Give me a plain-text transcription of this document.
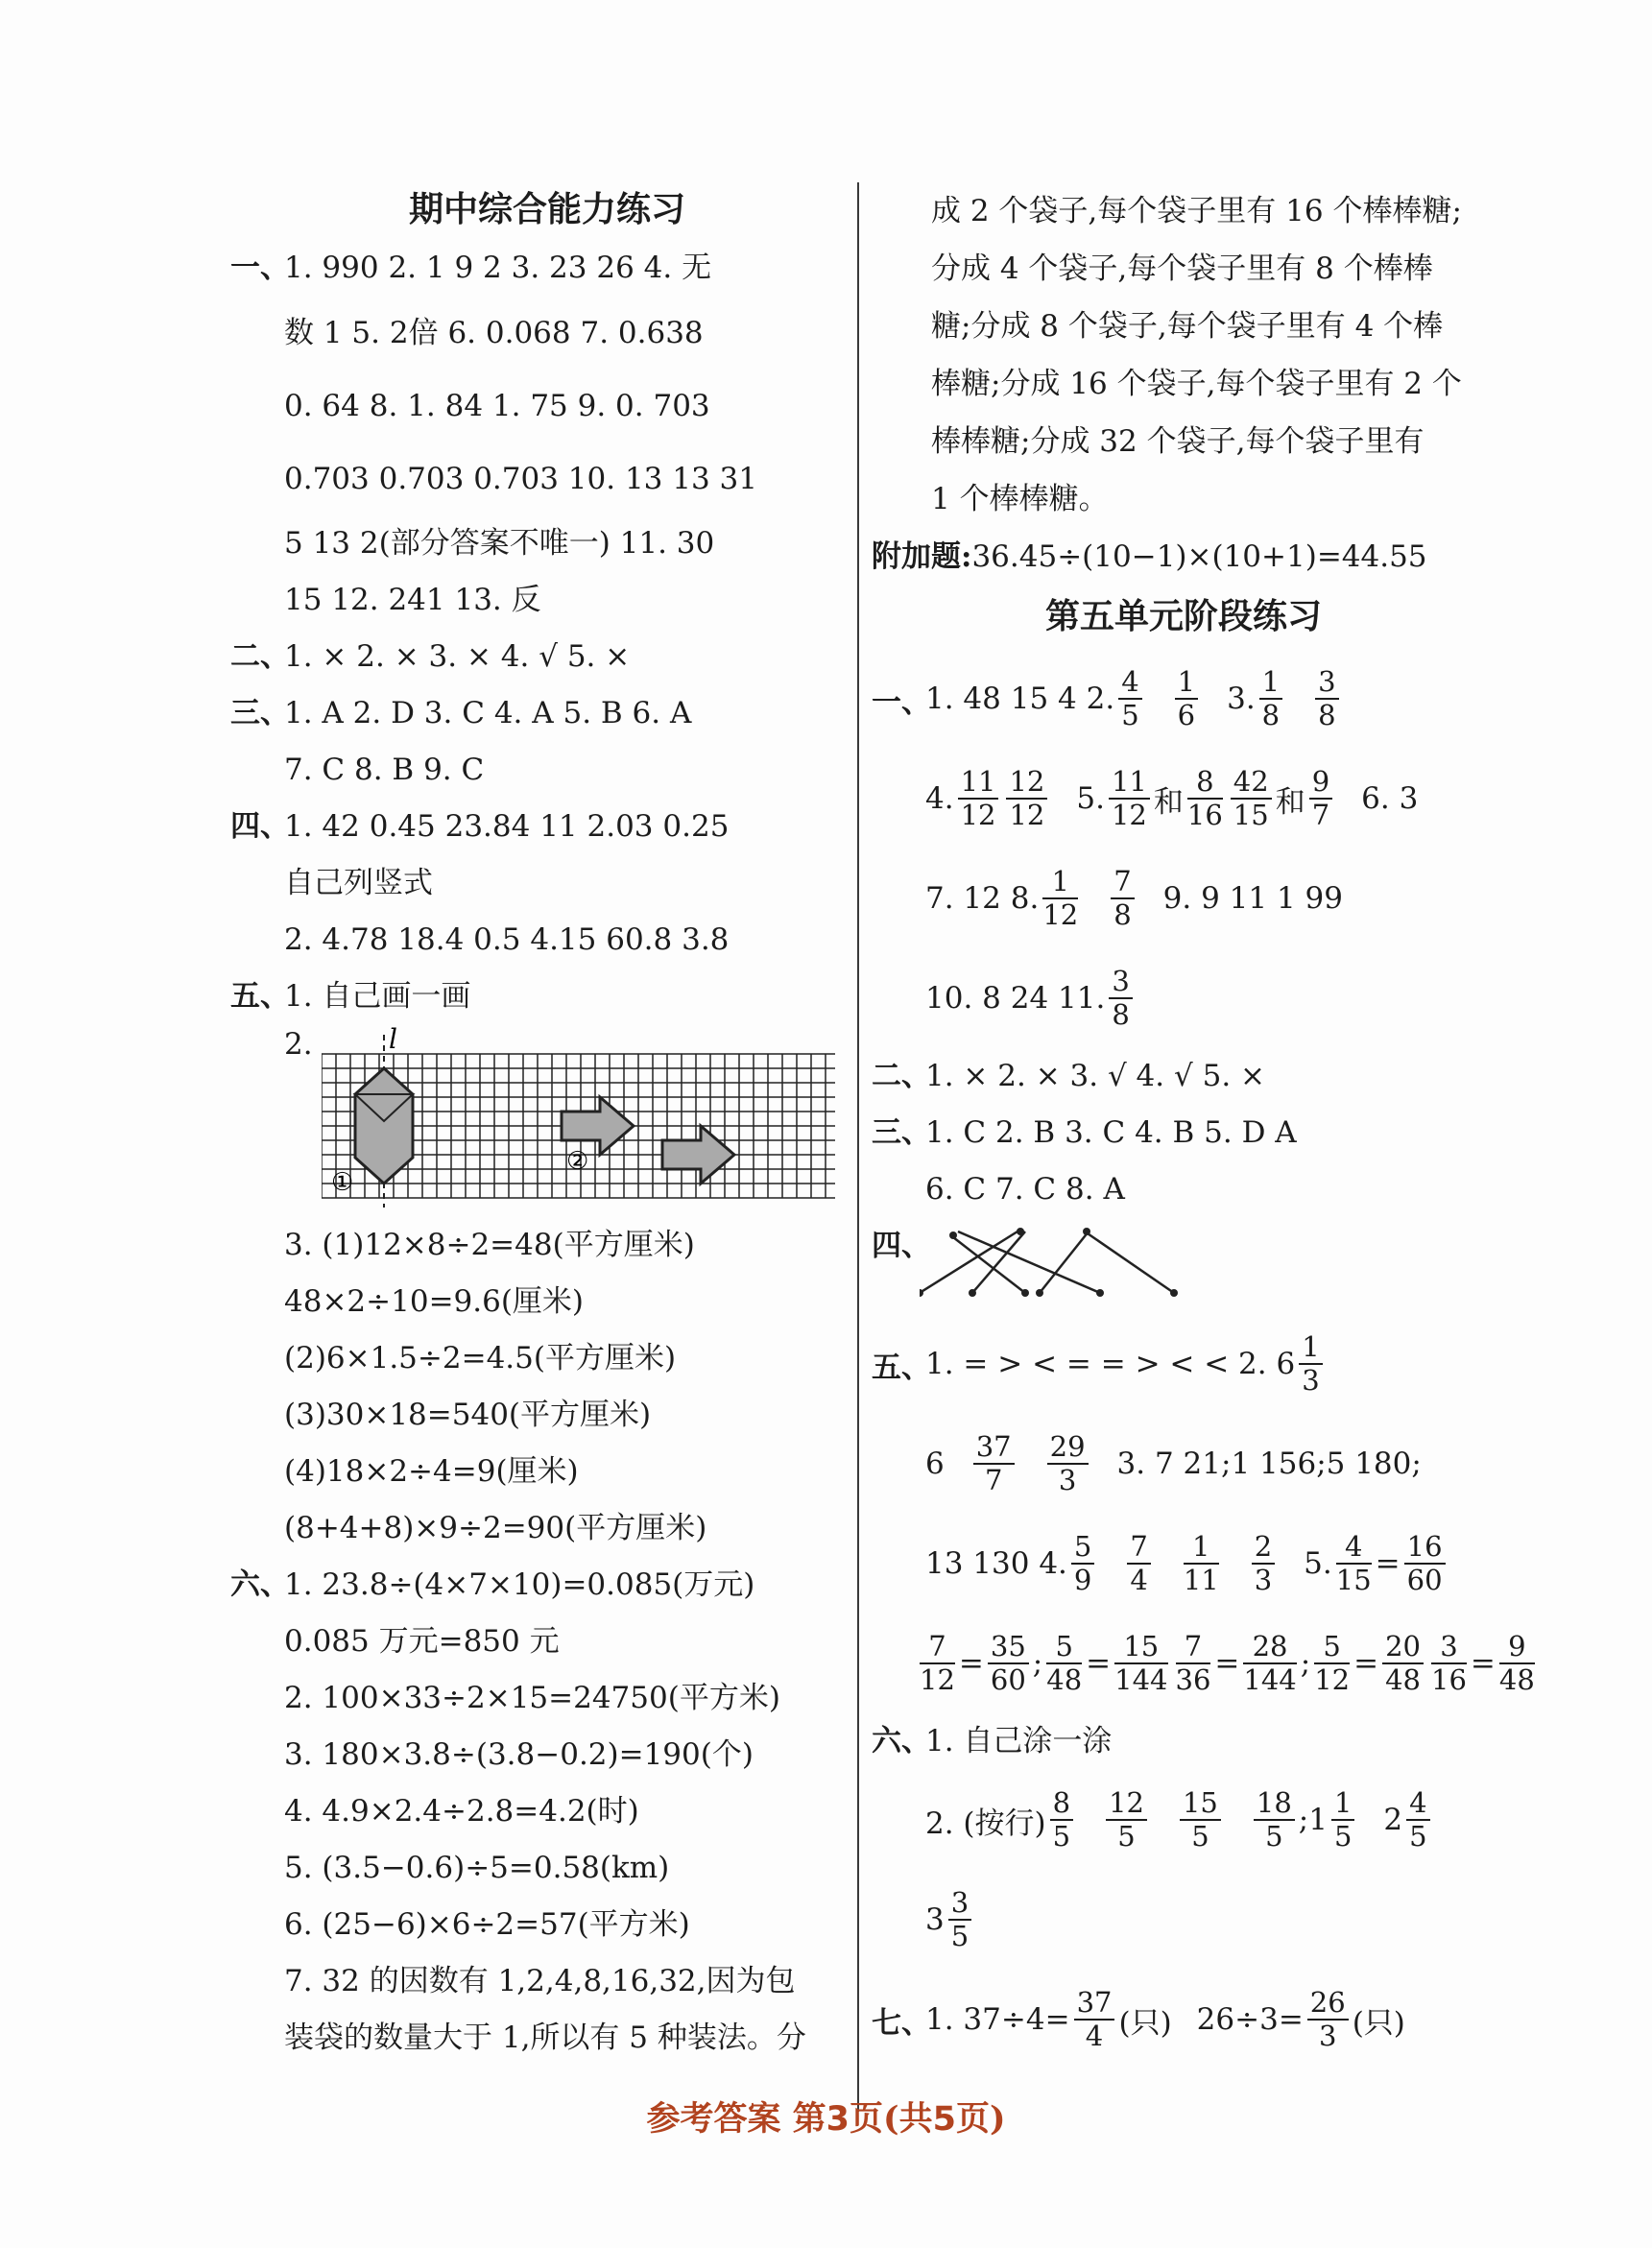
期中综合能力练习
一、1. 990 2. 1 9 2 3. 23 26 4. 无
数 1 5. 2倍 6. 0.068 7. 0.638
0. 64 8. 1. 84 1. 75 9. 0. 703
0.703 0.703 0.703 10. 13 13 31
5 13 2(部分答案不唯一) 11. 30
15 12. 241 13. 反
二、1. × 2. × 3. × 4. √ 5. ×
三、1. A 2. D 3. C 4. A 5. B 6. A
7. C 8. B 9. C
四、1. 42 0.45 23.84 11 2.03 0.25
自己列竖式
2. 4.78 18.4 0.5 4.15 60.8 3.8
五、1. 自己画一画
2.	l
①
②
3. (1)12×8÷2=48(平方厘米)
48×2÷10=9.6(厘米)
(2)6×1.5÷2=4.5(平方厘米)
(3)30×18=540(平方厘米)
(4)18×2÷4=9(厘米)
(8+4+8)×9÷2=90(平方厘米)
六、1. 23.8÷(4×7×10)=0.085(万元)
0.085 万元=850 元
2. 100×33÷2×15=24750(平方米)
3. 180×3.8÷(3.8−0.2)=190(个)
4. 4.9×2.4÷2.8=4.2(时)
5. (3.5−0.6)÷5=0.58(km)
6. (25−6)×6÷2=57(平方米)
7. 32 的因数有 1,2,4,8,16,32,因为包
装袋的数量大于 1,所以有 5 种装法。分
成 2 个袋子,每个袋子里有 16 个棒棒糖;
分成 4 个袋子,每个袋子里有 8 个棒棒
糖;分成 8 个袋子,每个袋子里有 4 个棒
棒糖;分成 16 个袋子,每个袋子里有 2 个
棒棒糖;分成 32 个袋子,每个袋子里有
1 个棒棒糖。
附加题:36.45÷(10−1)×(10+1)=44.55
第五单元阶段练习
一、
1. 48 15 4 2. $\frac{4}{5} \frac{1}{6} 3$. $\frac{1}{8} \frac{3}{8}$
4. $\frac{11}{12} \frac{12}{12} 5$. $\frac{11}{12}$ 和 $\frac{8}{16} \frac{42}{15}$ 和 $\frac{9}{7} 6$. 3
7. 12 8. $\frac{1}{12} \frac{7}{8} 9$. 9 11 1 99
10. 8 24 11. $\frac{3}{8}$
二、1. × 2. × 3. √ 4. √ 5. ×
三、1. C 2. B 3. C 4. B 5. D A
6. C 7. C 8. A
四、
五、
1. = > < = = > < < 2. $6 \frac{1}{3}$
$6 \frac{37}{7} \frac{29}{3} 3$. 7 21;1 156;5 180;
13 130 4. $\frac{5}{9} \frac{7}{4} \frac{1}{11} \frac{2}{3} 5$. $\frac{4}{15} = \frac{16}{60}$
$\frac{7}{12} = \frac{35}{60}$ ; $\frac{5}{48} = \frac{15}{144} \frac{7}{36} = \frac{28}{144}$ ; $\frac{5}{12} = \frac{20}{48} \frac{3}{16} = \frac{9}{48}$
六、1. 自己涂一涂
2. (按行) $\frac{8}{5} \frac{12}{5} \frac{15}{5} \frac{18}{5}$ ;1 $\frac{1}{5} 2 \frac{4}{5}$
$3 \frac{3}{5}$
七、
1. $37\div 4= \frac{37}{4}$ (只) $26\div 3= \frac{26}{3}$ (只)
参考答案 第3页(共5页)
